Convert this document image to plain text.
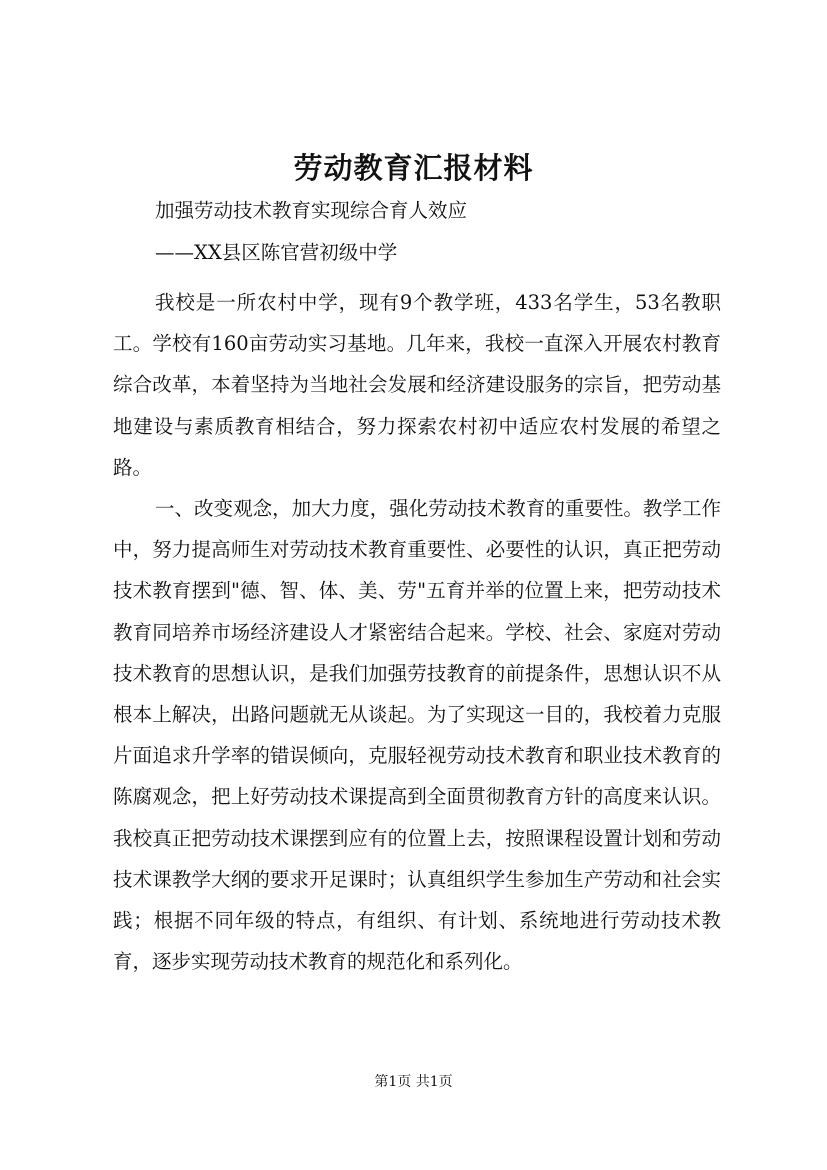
劳动教育汇报材料
加强劳动技术教育实现综合育人效应
——XX县区陈官营初级中学

我校是一所农村中学，现有9个教学班，433名学生，53名教职工。学校有160亩劳动实习基地。几年来，我校一直深入开展农村教育综合改革，本着坚持为当地社会发展和经济建设服务的宗旨，把劳动基地建设与素质教育相结合，努力探索农村初中适应农村发展的希望之路。

一、改变观念，加大力度，强化劳动技术教育的重要性。教学工作中，努力提高师生对劳动技术教育重要性、必要性的认识，真正把劳动技术教育摆到"德、智、体、美、劳"五育并举的位置上来，把劳动技术教育同培养市场经济建设人才紧密结合起来。学校、社会、家庭对劳动技术教育的思想认识，是我们加强劳技教育的前提条件，思想认识不从根本上解决，出路问题就无从谈起。为了实现这一目的，我校着力克服片面追求升学率的错误倾向，克服轻视劳动技术教育和职业技术教育的陈腐观念，把上好劳动技术课提高到全面贯彻教育方针的高度来认识。我校真正把劳动技术课摆到应有的位置上去，按照课程设置计划和劳动技术课教学大纲的要求开足课时；认真组织学生参加生产劳动和社会实践；根据不同年级的特点，有组织、有计划、系统地进行劳动技术教育，逐步实现劳动技术教育的规范化和系列化。

第1页 共1页
